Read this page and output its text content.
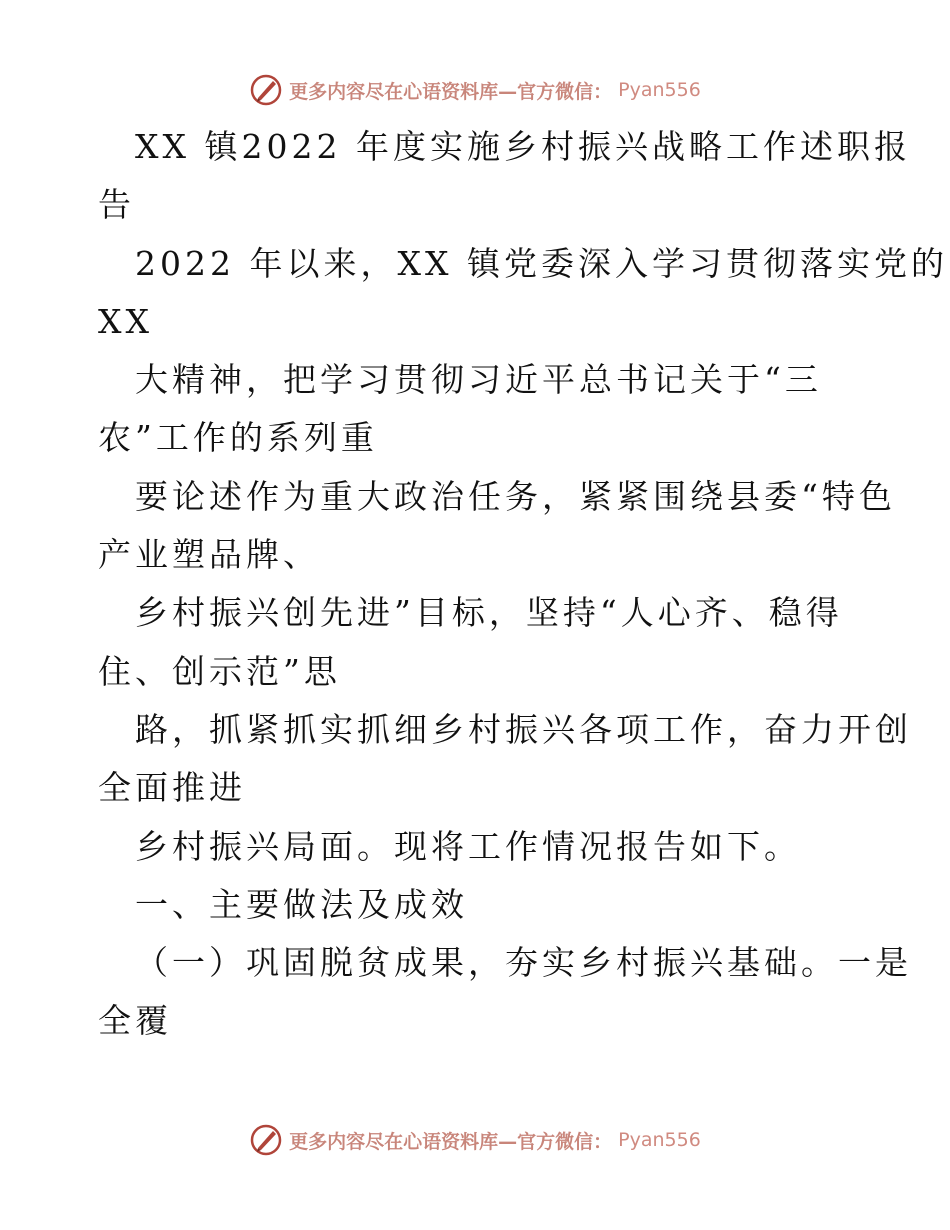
更多内容尽在心语资料库—官方微信： Pyan556
XX 镇2022 年度实施乡村振兴战略工作述职报
告
2022 年以来，XX 镇党委深入学习贯彻落实党的
XX
大精神，把学习贯彻习近平总书记关于“三
农”工作的系列重
要论述作为重大政治任务，紧紧围绕县委“特色
产业塑品牌、
乡村振兴创先进”目标，坚持“人心齐、稳得
住、创示范”思
路，抓紧抓实抓细乡村振兴各项工作，奋力开创
全面推进
乡村振兴局面。现将工作情况报告如下。
一、主要做法及成效
（一）巩固脱贫成果，夯实乡村振兴基础。一是
全覆
更多内容尽在心语资料库—官方微信： Pyan556
